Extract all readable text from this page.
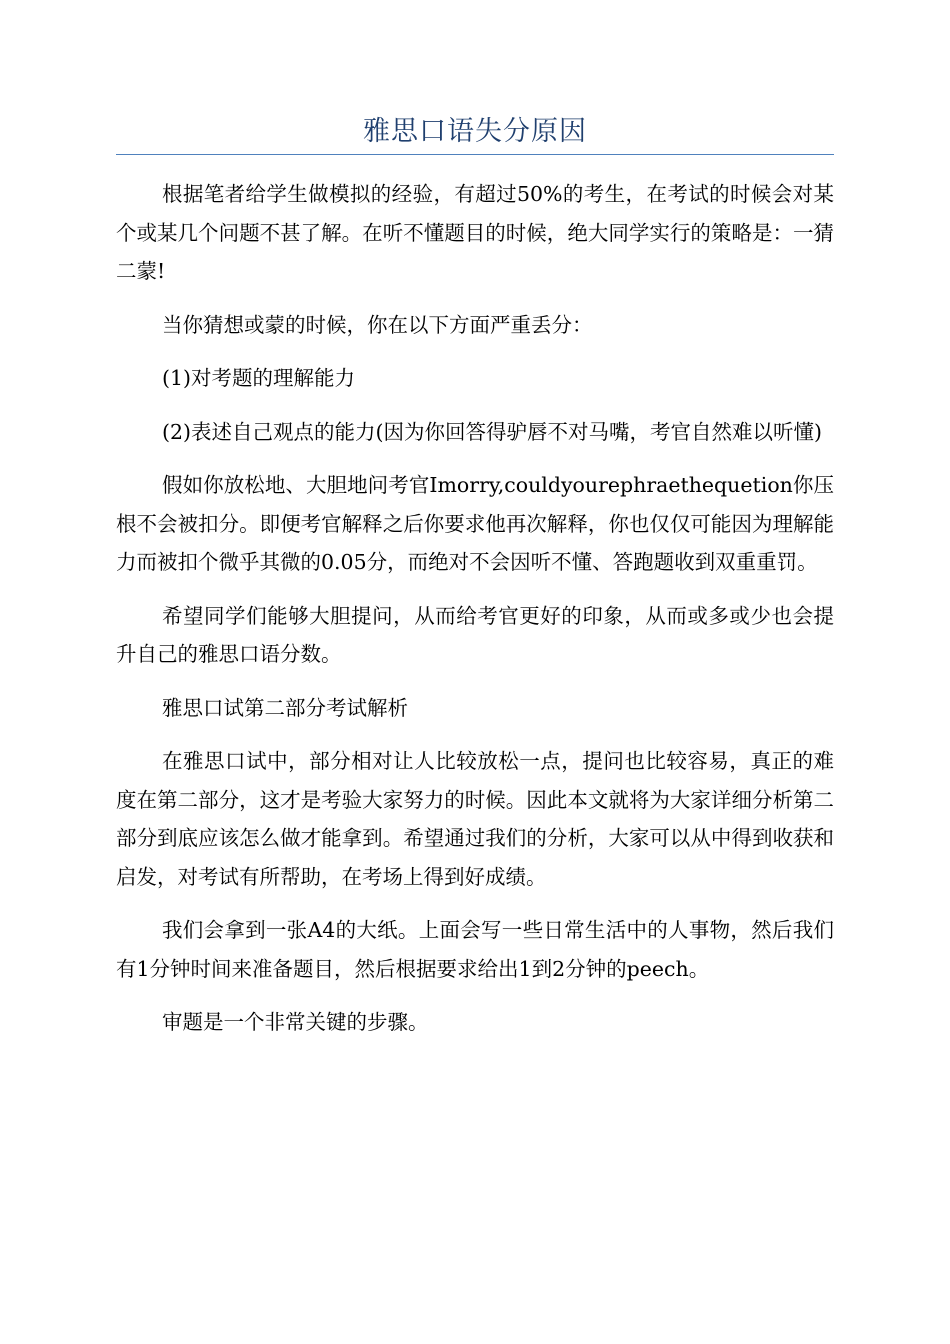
雅思口语失分原因

根据笔者给学生做模拟的经验，有超过50%的考生，在考试的时候会对某个或某几个问题不甚了解。在听不懂题目的时候，绝大同学实行的策略是：一猜二蒙!

当你猜想或蒙的时候，你在以下方面严重丢分：

(1)对考题的理解能力

(2)表述自己观点的能力(因为你回答得驴唇不对马嘴，考官自然难以听懂)

假如你放松地、大胆地问考官Imorry,couldyourephraethequetion你压根不会被扣分。即便考官解释之后你要求他再次解释，你也仅仅可能因为理解能力而被扣个微乎其微的0.05分，而绝对不会因听不懂、答跑题收到双重重罚。

希望同学们能够大胆提问，从而给考官更好的印象，从而或多或少也会提升自己的雅思口语分数。

雅思口试第二部分考试解析

在雅思口试中，部分相对让人比较放松一点，提问也比较容易，真正的难度在第二部分，这才是考验大家努力的时候。因此本文就将为大家详细分析第二部分到底应该怎么做才能拿到。希望通过我们的分析，大家可以从中得到收获和启发，对考试有所帮助，在考场上得到好成绩。

我们会拿到一张A4的大纸。上面会写一些日常生活中的人事物，然后我们有1分钟时间来准备题目，然后根据要求给出1到2分钟的peech。

审题是一个非常关键的步骤。
